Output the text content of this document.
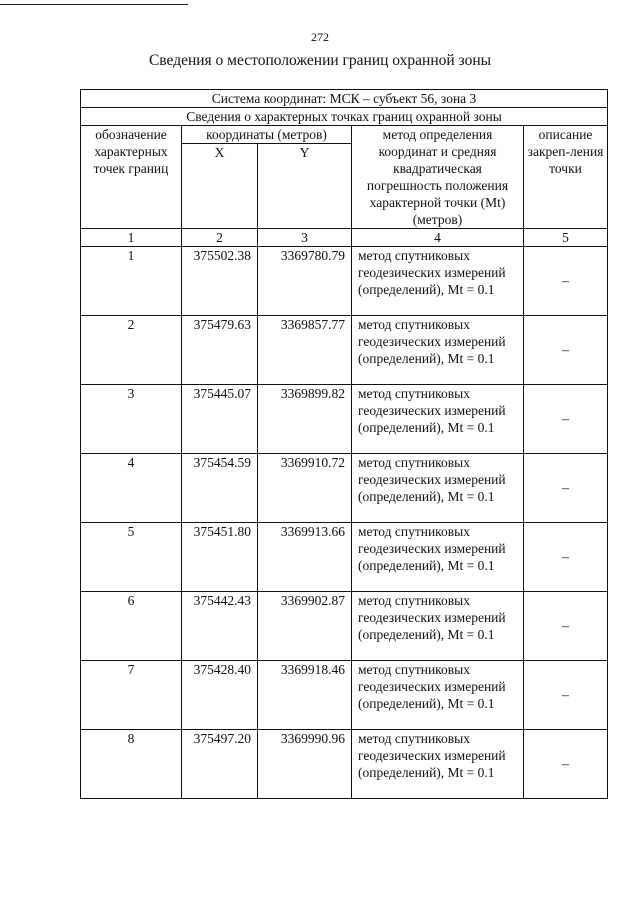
272
Сведения о местоположении границ охранной зоны
Система координат: МСК – субъект 56, зона 3				
Сведения о характерных точках границ охранной зоны				
обозначение характерных точек границ	координаты (метров)		метод определения координат и средняя квадратическая погрешность положения характерной точки (Mt) (метров)	описание закреп-ления точки
	X	Y		
1	2	3	4	5
1	375502.38	3369780.79	метод спутниковых геодезических измерений (определений), Mt = 0.1	–
2	375479.63	3369857.77	метод спутниковых геодезических измерений (определений), Mt = 0.1	–
3	375445.07	3369899.82	метод спутниковых геодезических измерений (определений), Mt = 0.1	–
4	375454.59	3369910.72	метод спутниковых геодезических измерений (определений), Mt = 0.1	–
5	375451.80	3369913.66	метод спутниковых геодезических измерений (определений), Mt = 0.1	–
6	375442.43	3369902.87	метод спутниковых геодезических измерений (определений), Mt = 0.1	–
7	375428.40	3369918.46	метод спутниковых геодезических измерений (определений), Mt = 0.1	–
8	375497.20	3369990.96	метод спутниковых геодезических измерений (определений), Mt = 0.1	–
